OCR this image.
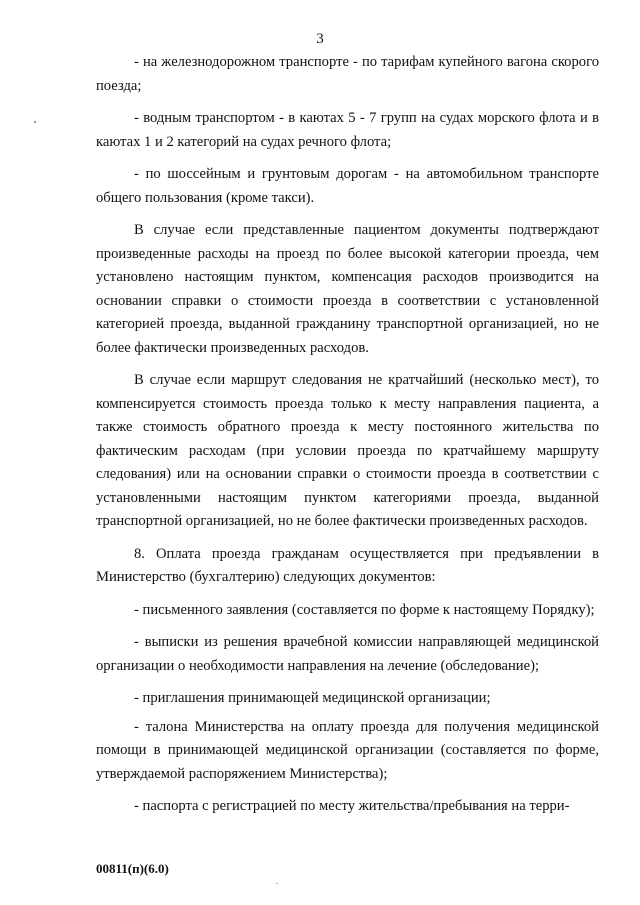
3

- на железнодорожном транспорте - по тарифам купейного вагона скорого поезда;

- водным транспортом - в каютах 5 - 7 групп на судах морского флота и в каютах 1 и 2 категорий на судах речного флота;

- по шоссейным и грунтовым дорогам - на автомобильном транспорте общего пользования (кроме такси).

В случае если представленные пациентом документы подтверждают произведенные расходы на проезд по более высокой категории проезда, чем установлено настоящим пунктом, компенсация расходов производится на основании справки о стоимости проезда в соответствии с установленной категорией проезда, выданной гражданину транспортной организацией, но не более фактически произведенных расходов.

В случае если маршрут следования не кратчайший (несколько мест), то компенсируется стоимость проезда только к месту направления пациента, а также стоимость обратного проезда к месту постоянного жительства по фактическим расходам (при условии проезда по кратчайшему маршруту следования) или на основании справки о стоимости проезда в соответствии с установленными настоящим пунктом категориями проезда, выданной транспортной организацией, но не более фактически произведенных расходов.

8. Оплата проезда гражданам осуществляется при предъявлении в Министерство (бухгалтерию) следующих документов:

- письменного заявления (составляется по форме к настоящему Порядку);

- выписки из решения врачебной комиссии направляющей медицинской организации о необходимости направления на лечение (обследование);

- приглашения принимающей медицинской организации;

- талона Министерства на оплату проезда для получения медицинской помощи в принимающей медицинской организации (составляется по форме, утверждаемой распоряжением Министерства);

- паспорта с регистрацией по месту жительства/пребывания на терри-

00811(п)(6.0)
